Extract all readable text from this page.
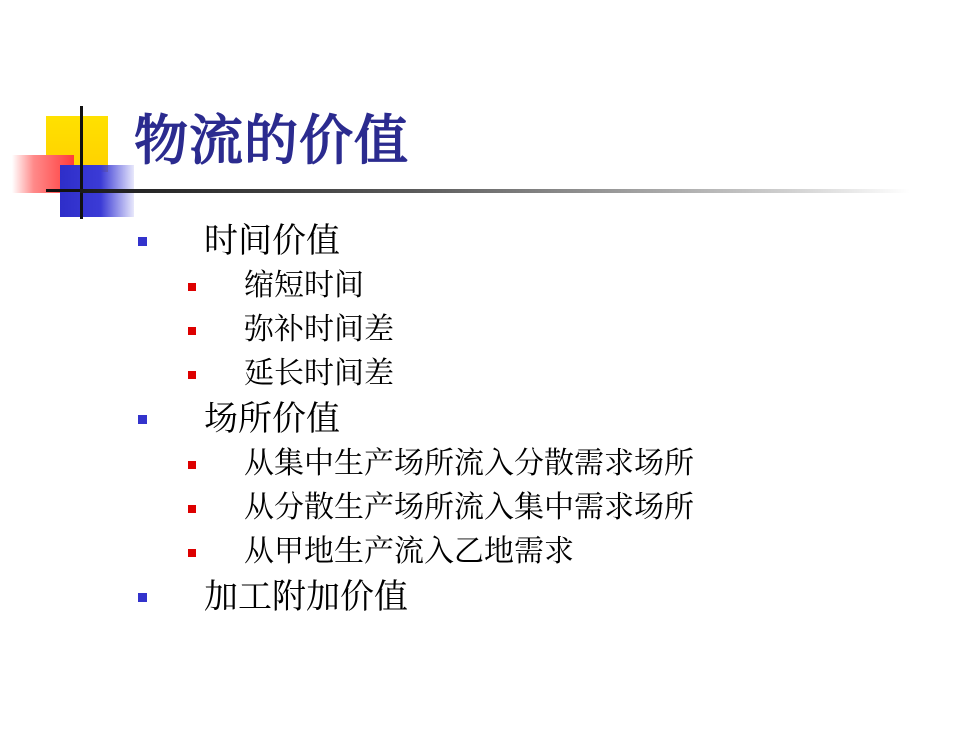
物流的价值
时间价值
缩短时间
弥补时间差
延长时间差
场所价值
从集中生产场所流入分散需求场所
从分散生产场所流入集中需求场所
从甲地生产流入乙地需求
加工附加价值
